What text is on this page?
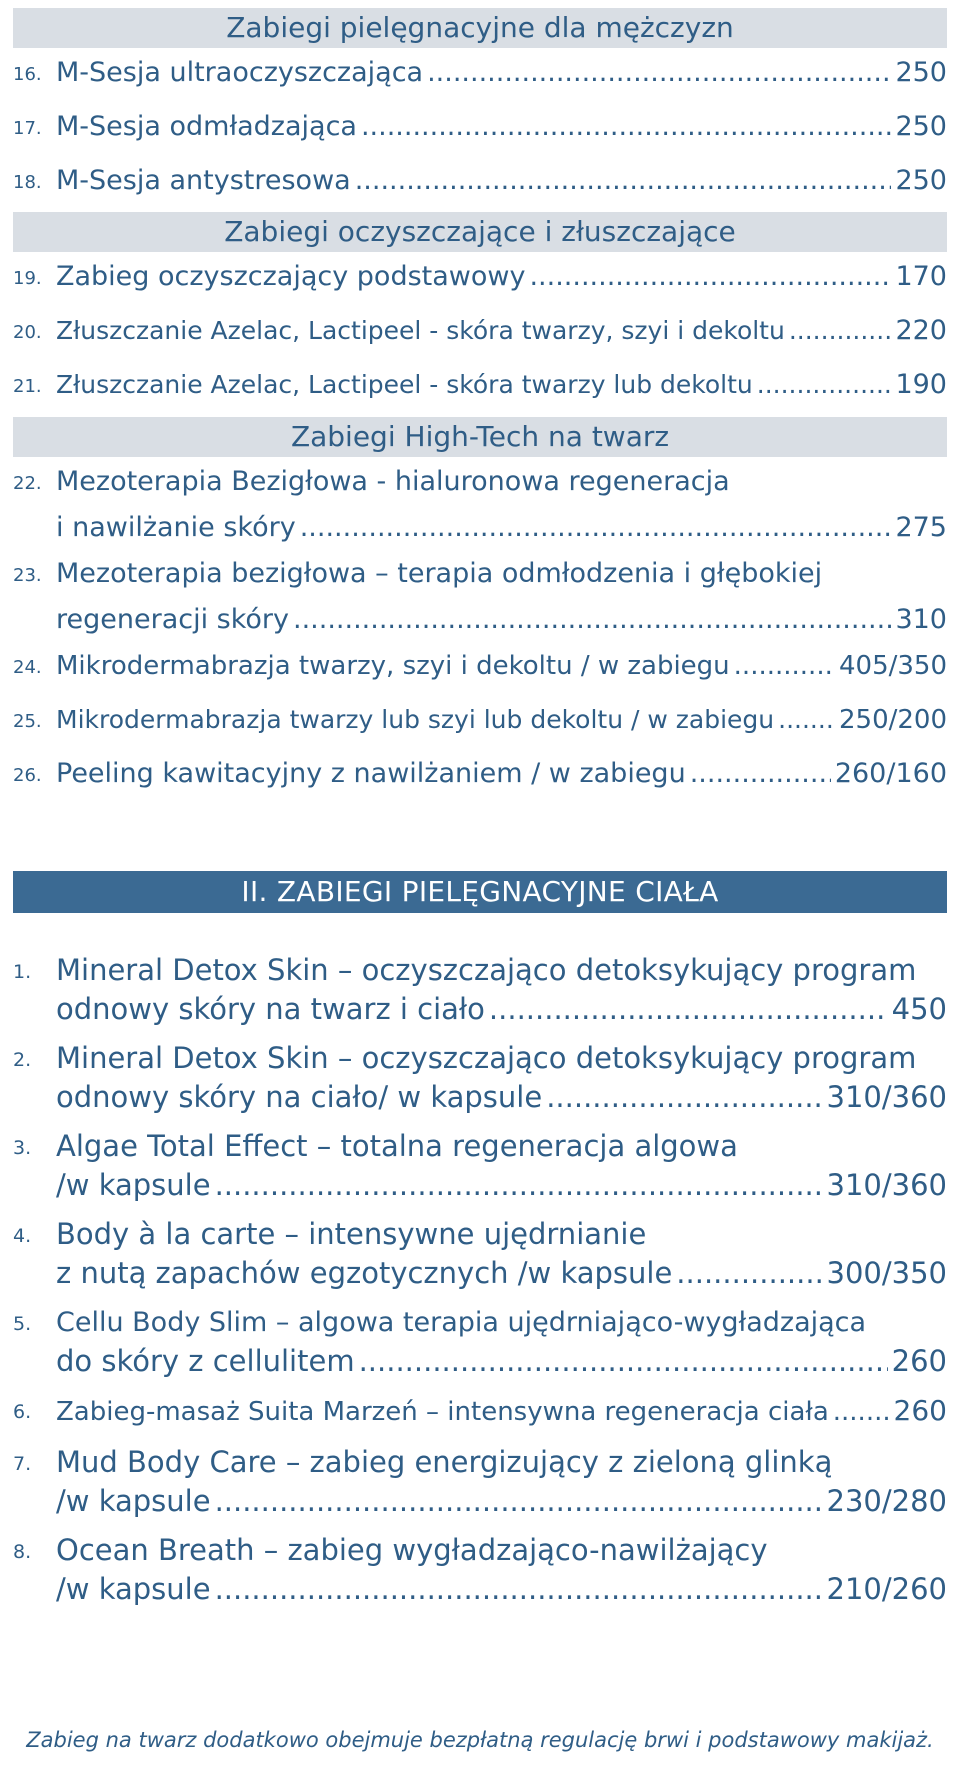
Zabiegi pielęgnacyjne dla mężczyzn
16. M-Sesja ultraoczyszczająca .....	250
17. M-Sesja odmładzająca .....	250
18. M-Sesja antystresowa .....	250
Zabiegi oczyszczające i złuszczające
19. Zabieg oczyszczający podstawowy .....	170
20. Złuszczanie Azelac, Lactipeel - skóra twarzy, szyi i dekoltu .....	220
21. Złuszczanie Azelac, Lactipeel - skóra twarzy lub dekoltu .....	190
Zabiegi High-Tech na twarz
22. Mezoterapia Bezigłowa - hialuronowa regeneracja
i nawilżanie skóry .....	275
23. Mezoterapia bezigłowa – terapia odmłodzenia i głębokiej
regeneracji skóry .....	310
24. Mikrodermabrazja twarzy, szyi i dekoltu / w zabiegu .....	405/350
25. Mikrodermabrazja twarzy lub szyi lub dekoltu / w zabiegu ..... 250/200
26. Peeling kawitacyjny z nawilżaniem / w zabiegu .....	260/160
II. ZABIEGI PIELĘGNACYJNE CIAŁA
1. Mineral Detox Skin – oczyszczająco detoksykujący program
odnowy skóry na twarz i ciało .....	450
2. Mineral Detox Skin – oczyszczająco detoksykujący program
odnowy skóry na ciało/ w kapsule .....	310/360
3. Algae Total Effect – totalna regeneracja algowa
/w kapsule .....	310/360
4. Body à la carte – intensywne ujędrnianie
z nutą zapachów egzotycznych /w kapsule .....	300/350
5. Cellu Body Slim – algowa terapia ujędrniająco-wygładzająca
do skóry z cellulitem .....	260
6. Zabieg-masaż Suita Marzeń – intensywna regeneracja ciała ..... 260
7. Mud Body Care – zabieg energizujący z zieloną glinką
/w kapsule .....	230/280
8. Ocean Breath – zabieg wygładzająco-nawilżający
/w kapsule .....	210/260
Zabieg na twarz dodatkowo obejmuje bezpłatną regulację brwi i podstawowy makijaż.
